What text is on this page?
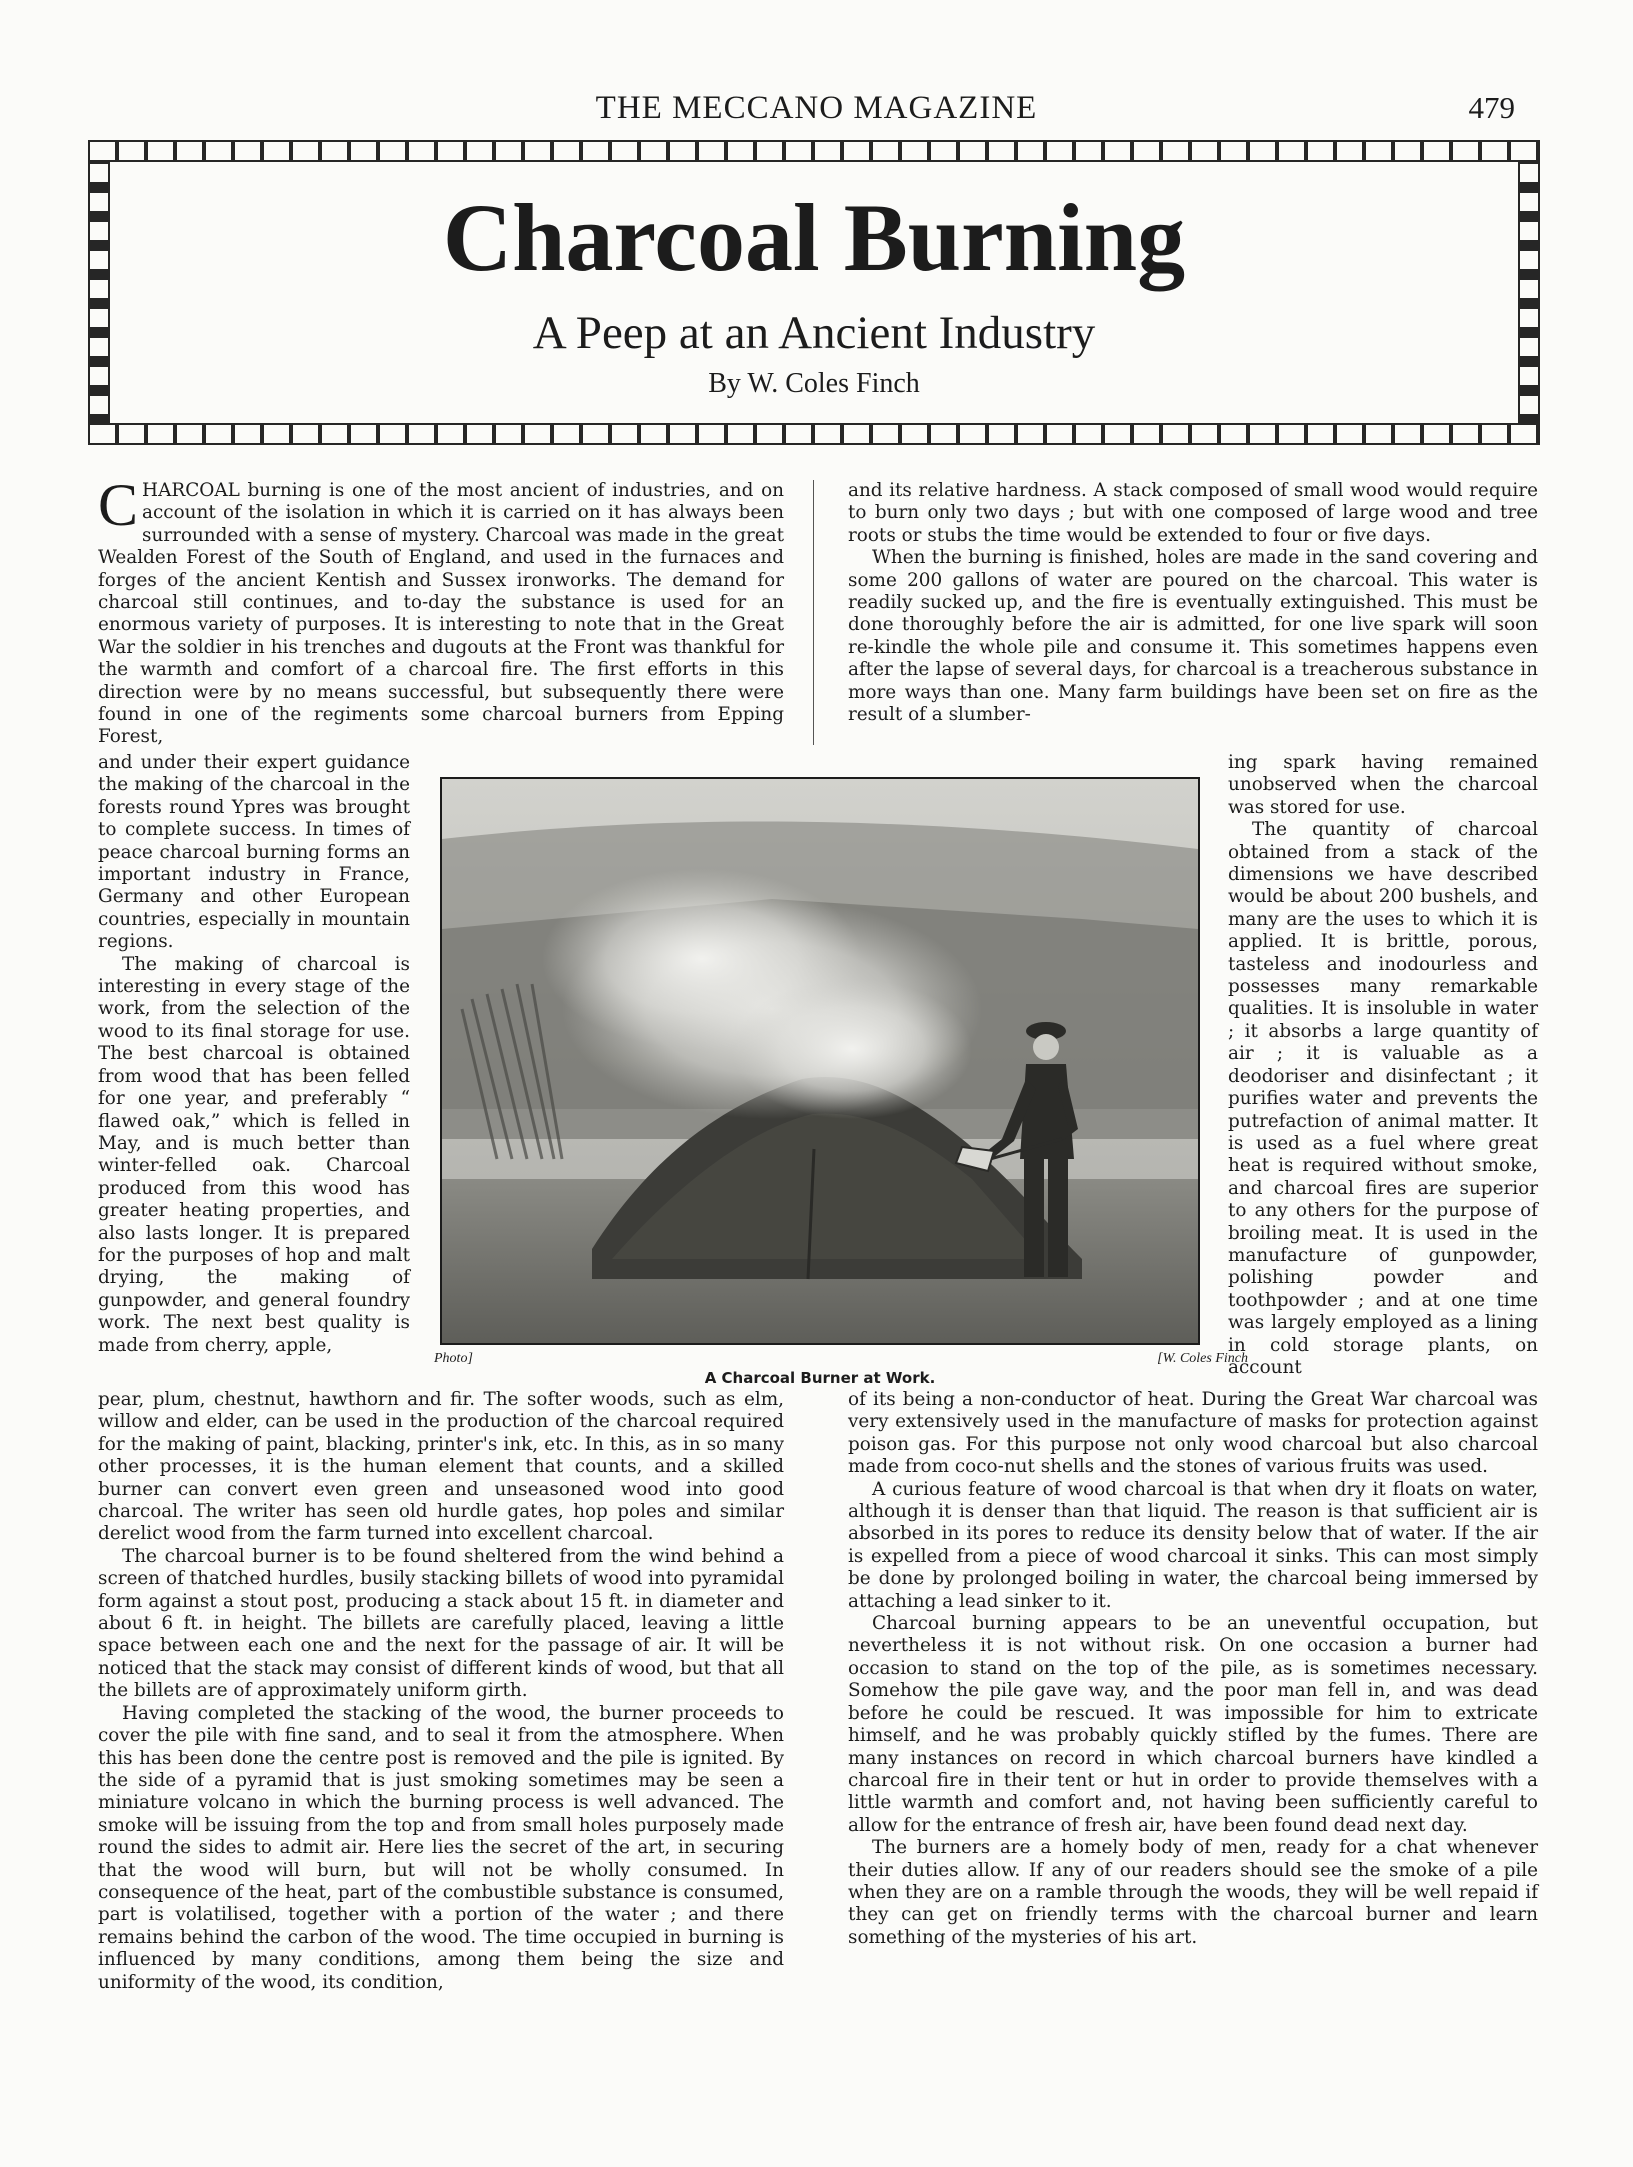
THE MECCANO MAGAZINE	479
Charcoal Burning
A Peep at an Ancient Industry
By W. Coles Finch

CHARCOAL burning is one of the most ancient of industries, and on account of the isolation in which it is carried on it has always been surrounded with a sense of mystery. Charcoal was made in the great Wealden Forest of the South of England, and used in the furnaces and forges of the ancient Kentish and Sussex ironworks. The demand for charcoal still continues, and to-day the substance is used for an enormous variety of purposes. It is interesting to note that in the Great War the soldier in his trenches and dugouts at the Front was thankful for the warmth and comfort of a charcoal fire. The first efforts in this direction were by no means successful, but subsequently there were found in one of the regiments some charcoal burners from Epping Forest,

and under their expert guidance the making of the charcoal in the forests round Ypres was brought to complete success. In times of peace charcoal burning forms an important industry in France, Germany and other European countries, especially in mountain regions.

The making of charcoal is interesting in every stage of the work, from the selection of the wood to its final storage for use. The best charcoal is obtained from wood that has been felled for one year, and preferably “ flawed oak,” which is felled in May, and is much better than winter-felled oak. Charcoal produced from this wood has greater heating properties, and also lasts longer. It is prepared for the purposes of hop and malt drying, the making of gunpowder, and general foundry work. The next best quality is made from cherry, apple,

pear, plum, chestnut, hawthorn and fir. The softer woods, such as elm, willow and elder, can be used in the production of the charcoal required for the making of paint, blacking, printer's ink, etc. In this, as in so many other processes, it is the human element that counts, and a skilled burner can convert even green and unseasoned wood into good charcoal. The writer has seen old hurdle gates, hop poles and similar derelict wood from the farm turned into excellent charcoal.

The charcoal burner is to be found sheltered from the wind behind a screen of thatched hurdles, busily stacking billets of wood into pyramidal form against a stout post, producing a stack about 15 ft. in diameter and about 6 ft. in height. The billets are carefully placed, leaving a little space between each one and the next for the passage of air. It will be noticed that the stack may consist of different kinds of wood, but that all the billets are of approximately uniform girth.

Having completed the stacking of the wood, the burner proceeds to cover the pile with fine sand, and to seal it from the atmosphere. When this has been done the centre post is removed and the pile is ignited. By the side of a pyramid that is just smoking sometimes may be seen a miniature volcano in which the burning process is well advanced. The smoke will be issuing from the top and from small holes purposely made round the sides to admit air. Here lies the secret of the art, in securing that the wood will burn, but will not be wholly consumed. In consequence of the heat, part of the combustible substance is consumed, part is volatilised, together with a portion of the water ; and there remains behind the carbon of the wood. The time occupied in burning is influenced by many conditions, among them being the size and uniformity of the wood, its condition,

and its relative hardness. A stack composed of small wood would require to burn only two days ; but with one composed of large wood and tree roots or stubs the time would be extended to four or five days.

When the burning is finished, holes are made in the sand covering and some 200 gallons of water are poured on the charcoal. This water is readily sucked up, and the fire is eventually extinguished. This must be done thoroughly before the air is admitted, for one live spark will soon re-kindle the whole pile and consume it. This sometimes happens even after the lapse of several days, for charcoal is a treacherous substance in more ways than one. Many farm buildings have been set on fire as the result of a slumber-

ing spark having remained unobserved when the charcoal was stored for use.

The quantity of charcoal obtained from a stack of the dimensions we have described would be about 200 bushels, and many are the uses to which it is applied. It is brittle, porous, tasteless and inodourless and possesses many remarkable qualities. It is insoluble in water ; it absorbs a large quantity of air ; it is valuable as a deodoriser and disinfectant ; it purifies water and prevents the putrefaction of animal matter. It is used as a fuel where great heat is required without smoke, and charcoal fires are superior to any others for the purpose of broiling meat. It is used in the manufacture of gunpowder, polishing powder and toothpowder ; and at one time was largely employed as a lining in cold storage plants, on account

of its being a non-conductor of heat. During the Great War charcoal was very extensively used in the manufacture of masks for protection against poison gas. For this purpose not only wood charcoal but also charcoal made from coco-nut shells and the stones of various fruits was used.

A curious feature of wood charcoal is that when dry it floats on water, although it is denser than that liquid. The reason is that sufficient air is absorbed in its pores to reduce its density below that of water. If the air is expelled from a piece of wood charcoal it sinks. This can most simply be done by prolonged boiling in water, the charcoal being immersed by attaching a lead sinker to it.

Charcoal burning appears to be an uneventful occupation, but nevertheless it is not without risk. On one occasion a burner had occasion to stand on the top of the pile, as is sometimes necessary. Somehow the pile gave way, and the poor man fell in, and was dead before he could be rescued. It was impossible for him to extricate himself, and he was probably quickly stifled by the fumes. There are many instances on record in which charcoal burners have kindled a charcoal fire in their tent or hut in order to provide themselves with a little warmth and comfort and, not having been sufficiently careful to allow for the entrance of fresh air, have been found dead next day.

The burners are a homely body of men, ready for a chat whenever their duties allow. If any of our readers should see the smoke of a pile when they are on a ramble through the woods, they will be well repaid if they can get on friendly terms with the charcoal burner and learn something of the mysteries of his art.

Photo]	[W. Coles Finch
A Charcoal Burner at Work.
